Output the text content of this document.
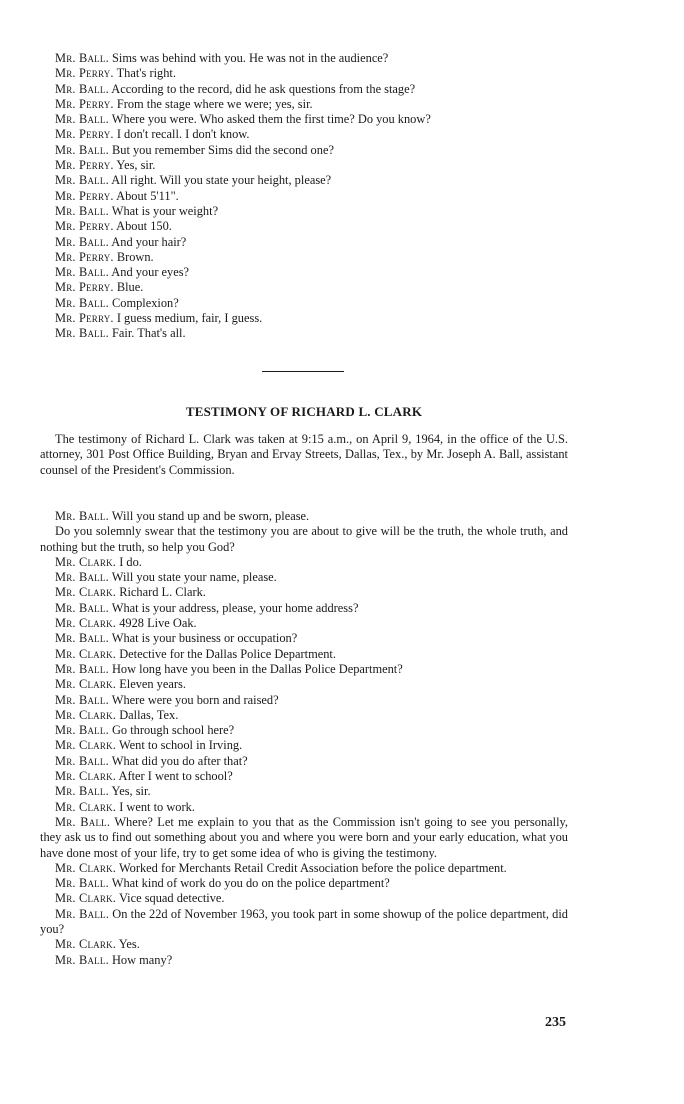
Mr. Ball. Sims was behind with you. He was not in the audience?

Mr. Perry. That's right.

Mr. Ball. According to the record, did he ask questions from the stage?

Mr. Perry. From the stage where we were; yes, sir.

Mr. Ball. Where you were. Who asked them the first time? Do you know?

Mr. Perry. I don't recall. I don't know.

Mr. Ball. But you remember Sims did the second one?

Mr. Perry. Yes, sir.

Mr. Ball. All right. Will you state your height, please?

Mr. Perry. About 5'11".

Mr. Ball. What is your weight?

Mr. Perry. About 150.

Mr. Ball. And your hair?

Mr. Perry. Brown.

Mr. Ball. And your eyes?

Mr. Perry. Blue.

Mr. Ball. Complexion?

Mr. Perry. I guess medium, fair, I guess.

Mr. Ball. Fair. That's all.

TESTIMONY OF RICHARD L. CLARK

The testimony of Richard L. Clark was taken at 9:15 a.m., on April 9, 1964, in the office of the U.S. attorney, 301 Post Office Building, Bryan and Ervay Streets, Dallas, Tex., by Mr. Joseph A. Ball, assistant counsel of the President's Commission.

Mr. Ball. Will you stand up and be sworn, please.

Do you solemnly swear that the testimony you are about to give will be the truth, the whole truth, and nothing but the truth, so help you God?

Mr. Clark. I do.

Mr. Ball. Will you state your name, please.

Mr. Clark. Richard L. Clark.

Mr. Ball. What is your address, please, your home address?

Mr. Clark. 4928 Live Oak.

Mr. Ball. What is your business or occupation?

Mr. Clark. Detective for the Dallas Police Department.

Mr. Ball. How long have you been in the Dallas Police Department?

Mr. Clark. Eleven years.

Mr. Ball. Where were you born and raised?

Mr. Clark. Dallas, Tex.

Mr. Ball. Go through school here?

Mr. Clark. Went to school in Irving.

Mr. Ball. What did you do after that?

Mr. Clark. After I went to school?

Mr. Ball. Yes, sir.

Mr. Clark. I went to work.

Mr. Ball. Where? Let me explain to you that as the Commission isn't going to see you personally, they ask us to find out something about you and where you were born and your early education, what you have done most of your life, try to get some idea of who is giving the testimony.

Mr. Clark. Worked for Merchants Retail Credit Association before the police department.

Mr. Ball. What kind of work do you do on the police department?

Mr. Clark. Vice squad detective.

Mr. Ball. On the 22d of November 1963, you took part in some showup of the police department, did you?

Mr. Clark. Yes.

Mr. Ball. How many?

235
